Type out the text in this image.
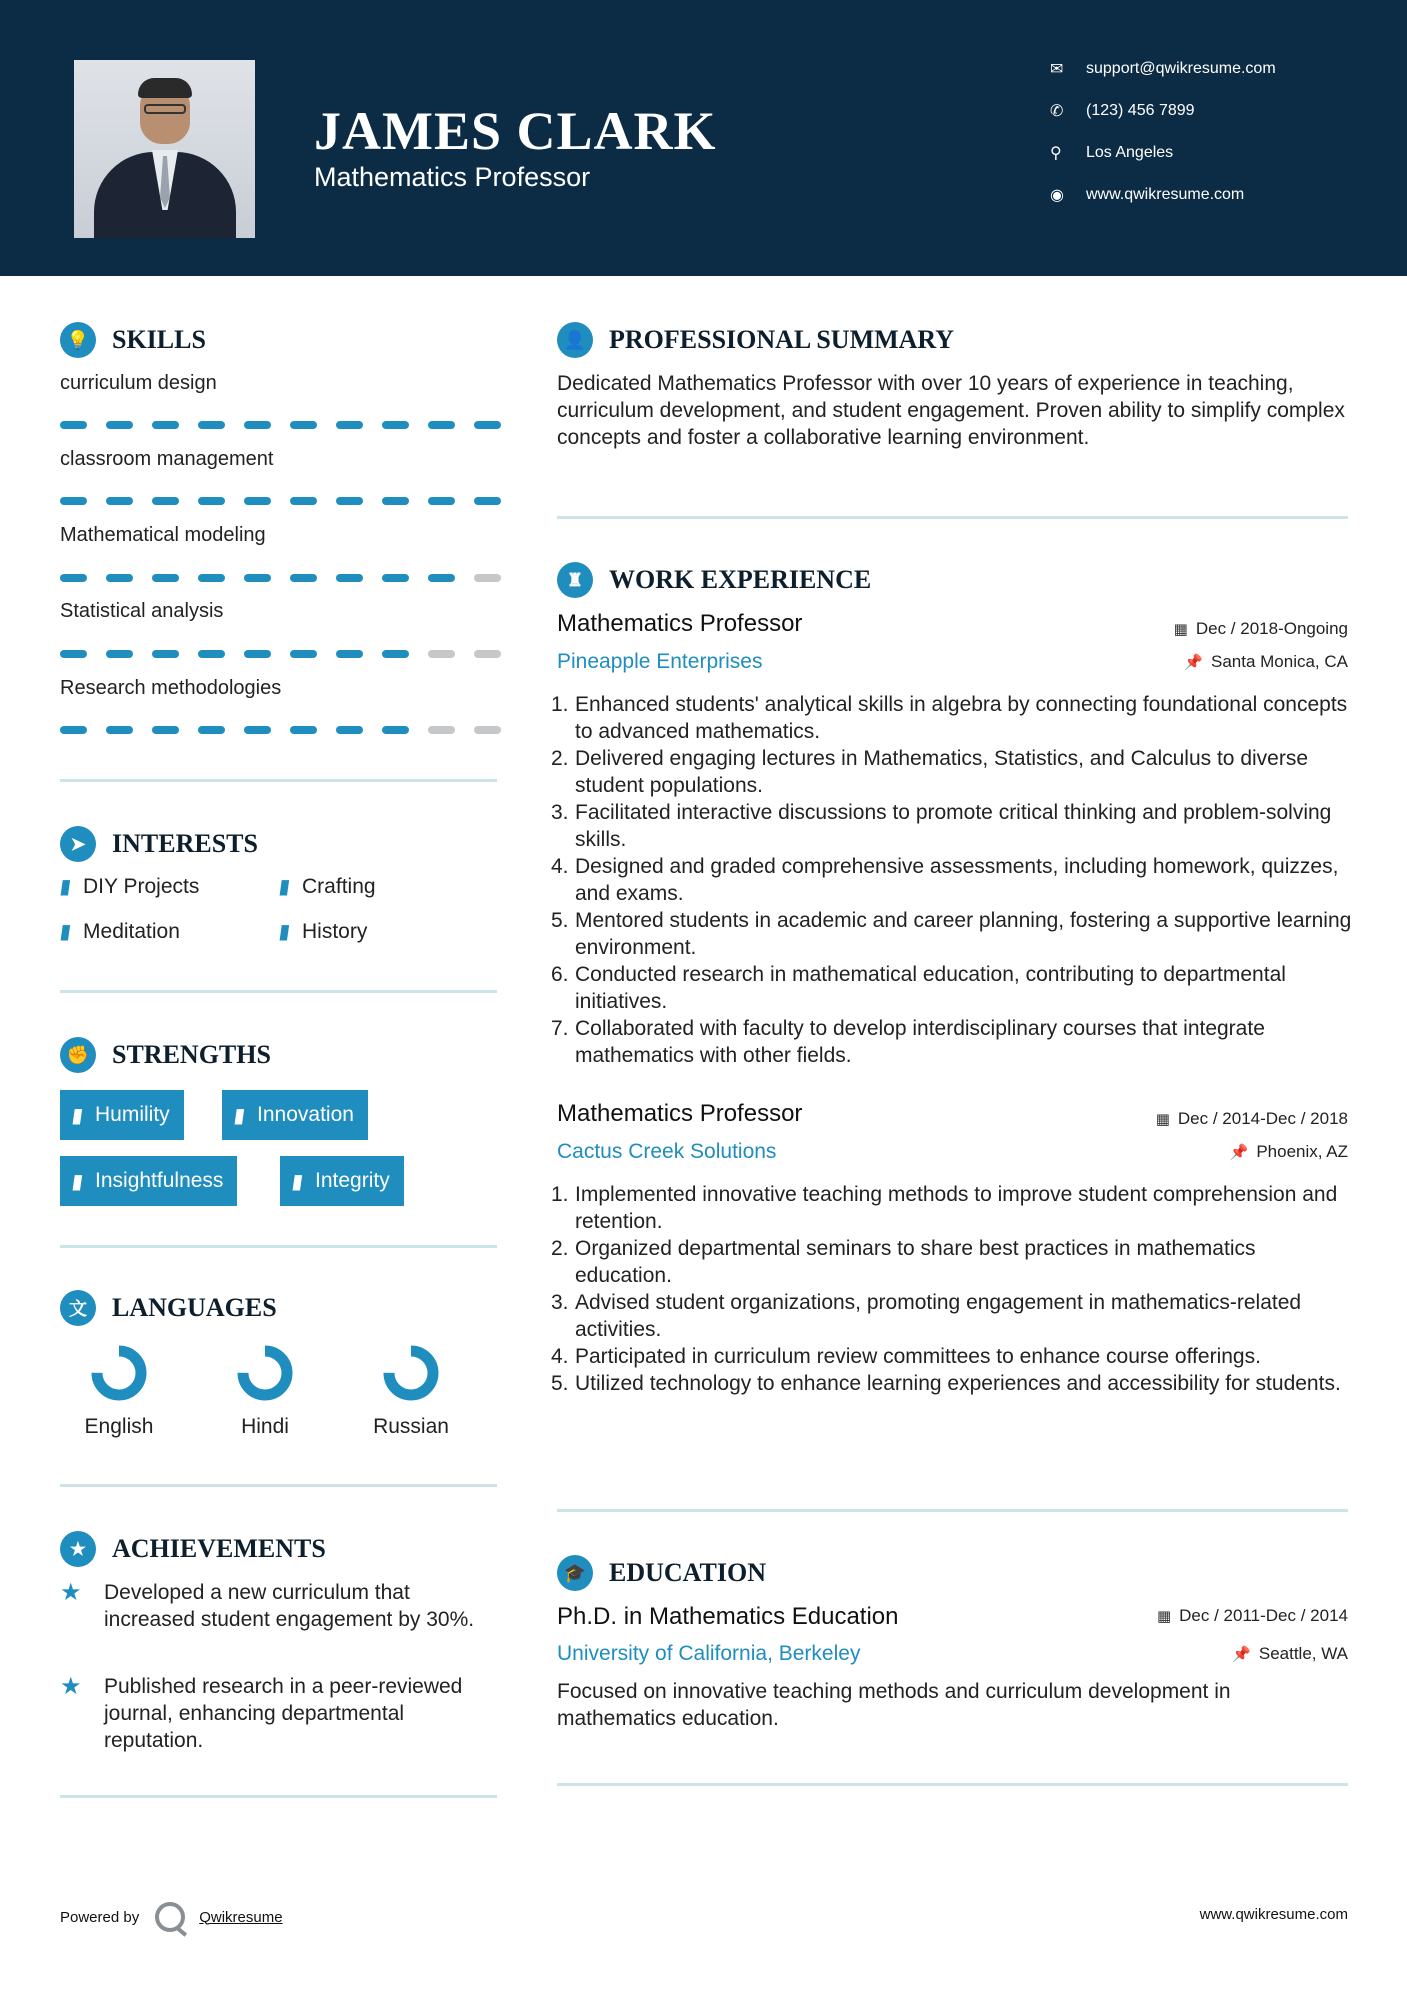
JAMES CLARK
Mathematics Professor
✉	support@qwikresume.com
✆	(123) 456 7899
⚲	Los Angeles
◉	www.qwikresume.com
💡 SKILLS
curriculum design
classroom management
Mathematical modeling
Statistical analysis
Research methodologies
➤	INTERESTS
▮ DIY Projects	▮ Crafting
▮ Meditation	▮ History
✊ STRENGTHS
▮ Humility	▮ Innovation
▮ Insightfulness	▮ Integrity
文 LANGUAGES
English	Hindi	Russian
★ ACHIEVEMENTS
★	Developed a new curriculum that increased student engagement by 30%.
★	Published research in a peer-reviewed journal, enhancing departmental reputation.
👤 PROFESSIONAL SUMMARY
Dedicated Mathematics Professor with over 10 years of experience in teaching, curriculum development, and student engagement. Proven ability to simplify complex concepts and foster a collaborative learning environment.
♜ WORK EXPERIENCE
Mathematics Professor	▦ Dec / 2018-Ongoing
Pineapple Enterprises	📌 Santa Monica, CA
1. Enhanced students' analytical skills in algebra by connecting foundational concepts to advanced mathematics.
2. Delivered engaging lectures in Mathematics, Statistics, and Calculus to diverse student populations.
3. Facilitated interactive discussions to promote critical thinking and problem-solving skills.
4. Designed and graded comprehensive assessments, including homework, quizzes, and exams.
5. Mentored students in academic and career planning, fostering a supportive learning environment.
6. Conducted research in mathematical education, contributing to departmental initiatives.
7. Collaborated with faculty to develop interdisciplinary courses that integrate mathematics with other fields.
Mathematics Professor	▦ Dec / 2014-Dec / 2018
Cactus Creek Solutions	📌 Phoenix, AZ
1. Implemented innovative teaching methods to improve student comprehension and retention.
2. Organized departmental seminars to share best practices in mathematics education.
3. Advised student organizations, promoting engagement in mathematics-related activities.
4. Participated in curriculum review committees to enhance course offerings.
5. Utilized technology to enhance learning experiences and accessibility for students.
🎓 EDUCATION
Ph.D. in Mathematics Education	▦ Dec / 2011-Dec / 2014
University of California, Berkeley	📌 Seattle, WA
Focused on innovative teaching methods and curriculum development in mathematics education.
Powered by	Qwikresume	www.qwikresume.com
